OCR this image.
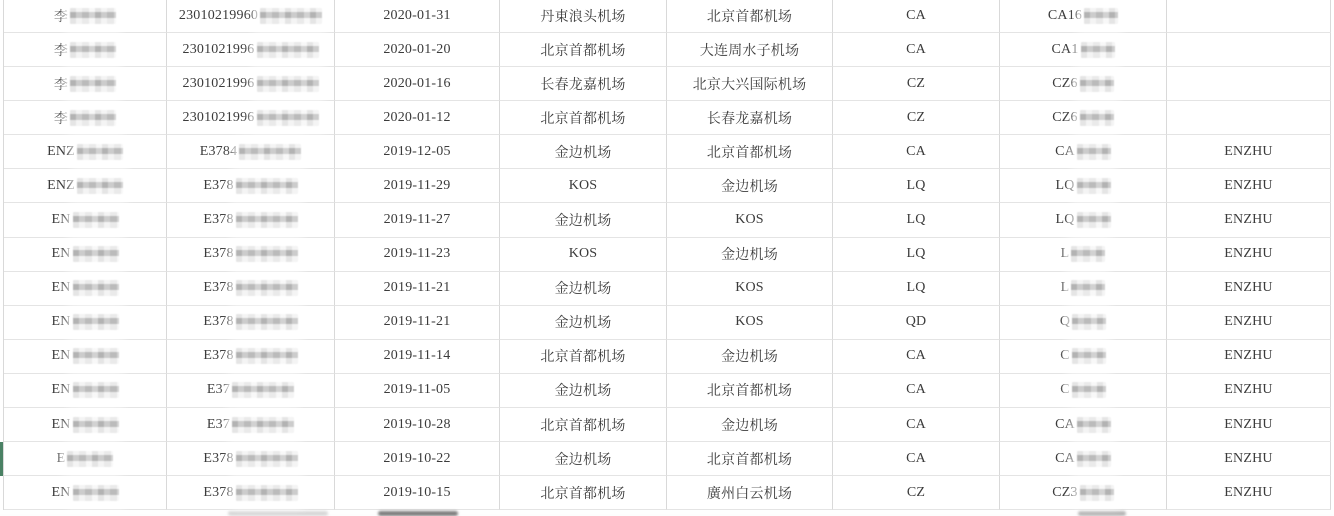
李	23010219960	2020-01-31	丹東浪头机场	北京首都机场	CA	CA16
李	2301021996	2020-01-20	北京首都机场	大连周水子机场	CA	CA1
李	2301021996	2020-01-16	长春龙嘉机场	北京大兴国际机场	CZ	CZ6
李	2301021996	2020-01-12	北京首都机场	长春龙嘉机场	CZ	CZ6
ENZ	E3784	2019-12-05	金边机场	北京首都机场	CA	CA	ENZHU
ENZ	E378	2019-11-29	KOS	金边机场	LQ	LQ	ENZHU
EN	E378	2019-11-27	金边机场	KOS	LQ	LQ	ENZHU
EN	E378	2019-11-23	KOS	金边机场	LQ	L	ENZHU
EN	E378	2019-11-21	金边机场	KOS	LQ	L	ENZHU
EN	E378	2019-11-21	金边机场	KOS	QD	Q	ENZHU
EN	E378	2019-11-14	北京首都机场	金边机场	CA	C	ENZHU
EN	E37	2019-11-05	金边机场	北京首都机场	CA	C	ENZHU
EN	E37	2019-10-28	北京首都机场	金边机场	CA	CA	ENZHU
E	E378	2019-10-22	金边机场	北京首都机场	CA	CA	ENZHU
EN	E378	2019-10-15	北京首都机场	廣州白云机场	CZ	CZ3	ENZHU
